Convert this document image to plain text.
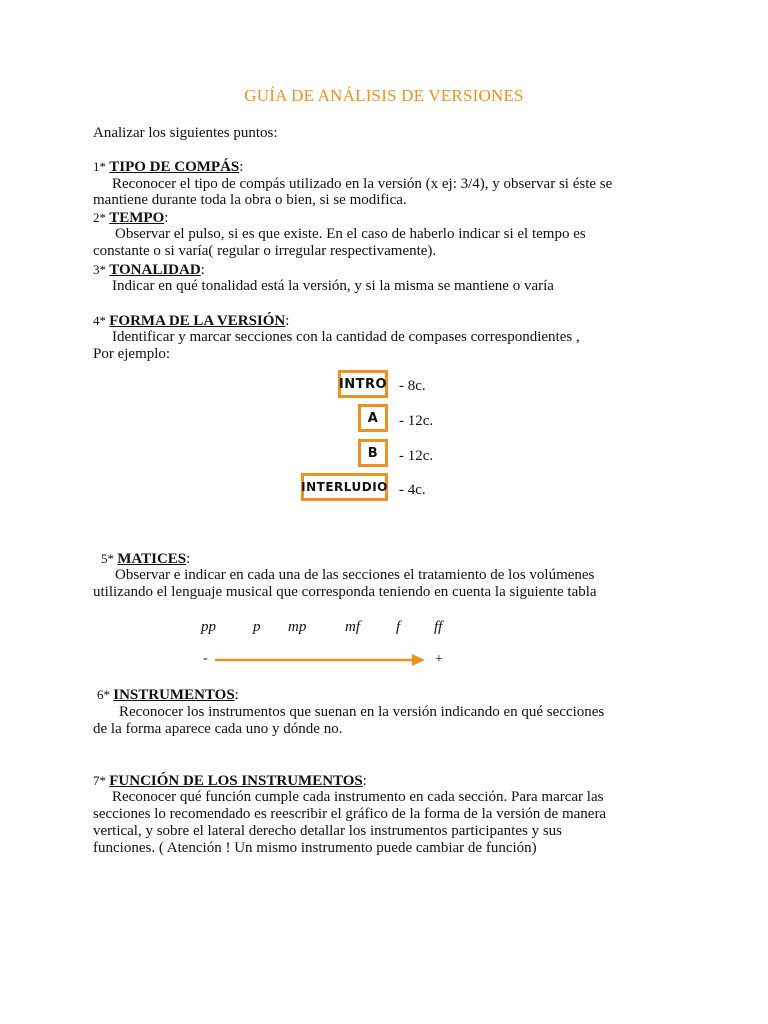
GUÍA DE ANÁLISIS DE VERSIONES
Analizar los siguientes puntos:
1* TIPO DE COMPÁS:
Reconocer el tipo de compás utilizado en la versión (x ej: 3/4), y observar si éste se
mantiene durante toda la obra o bien, si se modifica.
2* TEMPO:
Observar el pulso, si es que existe. En el caso de haberlo indicar si el tempo es
constante o si varía( regular o irregular respectivamente).
3* TONALIDAD:
Indicar en qué tonalidad está la versión, y si la misma se mantiene o varía
4* FORMA DE LA VERSIÓN:
Identificar y marcar secciones con la cantidad de compases correspondientes ,
Por ejemplo:
INTRO - 8c.
A	- 12c.
B	- 12c.
INTERLUDIO - 4c.
5* MATICES:
Observar e indicar en cada una de las secciones el tratamiento de los volúmenes
utilizando el lenguaje musical que corresponda teniendo en cuenta la siguiente tabla
pp p mp	mf f ff
-	+
6* INSTRUMENTOS:
Reconocer los instrumentos que suenan en la versión indicando en qué secciones
de la forma aparece cada uno y dónde no.
7* FUNCIÓN DE LOS INSTRUMENTOS:
Reconocer qué función cumple cada instrumento en cada sección. Para marcar las
secciones lo recomendado es reescribir el gráfico de la forma de la versión de manera
vertical, y sobre el lateral derecho detallar los instrumentos participantes y sus
funciones. ( Atención ! Un mismo instrumento puede cambiar de función)
